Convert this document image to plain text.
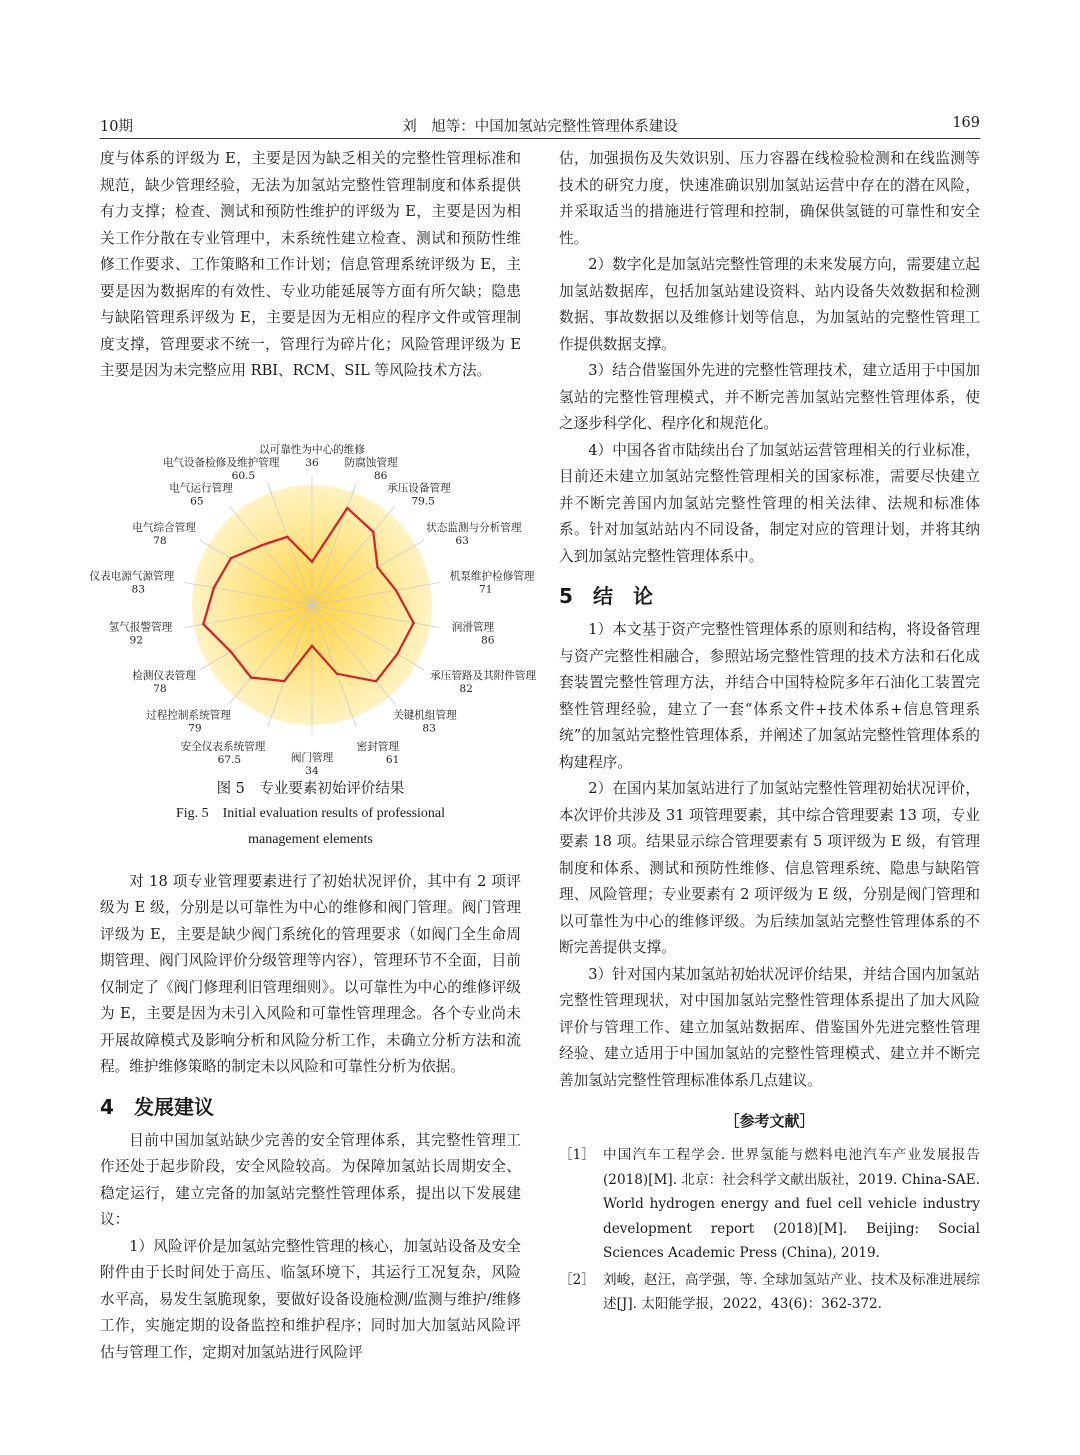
10期	刘　旭等：中国加氢站完整性管理体系建设	169

度与体系的评级为 E，主要是因为缺乏相关的完整性管理标准和规范，缺少管理经验，无法为加氢站完整性管理制度和体系提供有力支撑；检查、测试和预防性维护的评级为 E，主要是因为相关工作分散在专业管理中，未系统性建立检查、测试和预防性维修工作要求、工作策略和工作计划；信息管理系统评级为 E，主要是因为数据库的有效性、专业功能延展等方面有所欠缺；隐患与缺陷管理系评级为 E，主要是因为无相应的程序文件或管理制度支撑，管理要求不统一，管理行为碎片化；风险管理评级为 E 主要是因为未完整应用 RBI、RCM、SIL 等风险技术方法。

以可靠性为中心的维修
36 防腐蚀管理
86
承压设备管理
79.5
状态监测与分析管理
63
机泵维护检修管理
71
润滑管理
86
承压管路及其附件管理
82
关键机组管理
83
密封管理
61
阀门管理
34
安全仪表系统管理
67.5
过程控制系统管理
79
检测仪表管理
78
氢气报警管理
92
仪表电源气源管理
83
电气综合管理
78
电气运行管理
65
电气设备检修及维护管理
60.5

图 5　专业要素初始评价结果

Fig. 5　Initial evaluation results of professional

management elements

对 18 项专业管理要素进行了初始状况评价，其中有 2 项评级为 E 级，分别是以可靠性为中心的维修和阀门管理。阀门管理评级为 E，主要是缺少阀门系统化的管理要求（如阀门全生命周期管理、阀门风险评价分级管理等内容），管理环节不全面，目前仅制定了《阀门修理利旧管理细则》。以可靠性为中心的维修评级为 E，主要是因为未引入风险和可靠性管理理念。各个专业尚未开展故障模式及影响分析和风险分析工作，未确立分析方法和流程。维护维修策略的制定未以风险和可靠性分析为依据。

4 发展建议

目前中国加氢站缺少完善的安全管理体系，其完整性管理工作还处于起步阶段，安全风险较高。为保障加氢站长周期安全、稳定运行，建立完备的加氢站完整性管理体系，提出以下发展建议：

1）风险评价是加氢站完整性管理的核心，加氢站设备及安全附件由于长时间处于高压、临氢环境下，其运行工况复杂，风险水平高，易发生氢脆现象，要做好设备设施检测/监测与维护/维修工作，实施定期的设备监控和维护程序；同时加大加氢站风险评估与管理工作，定期对加氢站进行风险评

估，加强损伤及失效识别、压力容器在线检验检测和在线监测等技术的研究力度，快速准确识别加氢站运营中存在的潜在风险，并采取适当的措施进行管理和控制，确保供氢链的可靠性和安全性。

2）数字化是加氢站完整性管理的未来发展方向，需要建立起加氢站数据库，包括加氢站建设资料、站内设备失效数据和检测数据、事故数据以及维修计划等信息，为加氢站的完整性管理工作提供数据支撑。

3）结合借鉴国外先进的完整性管理技术，建立适用于中国加氢站的完整性管理模式，并不断完善加氢站完整性管理体系，使之逐步科学化、程序化和规范化。

4）中国各省市陆续出台了加氢站运营管理相关的行业标准，目前还未建立加氢站完整性管理相关的国家标准，需要尽快建立并不断完善国内加氢站完整性管理的相关法律、法规和标准体系。针对加氢站站内不同设备，制定对应的管理计划，并将其纳入到加氢站完整性管理体系中。

5 结　论

1）本文基于资产完整性管理体系的原则和结构，将设备管理与资产完整性相融合，参照站场完整性管理的技术方法和石化成套装置完整性管理方法，并结合中国特检院多年石油化工装置完整性管理经验，建立了一套“体系文件+技术体系+信息管理系统”的加氢站完整性管理体系，并阐述了加氢站完整性管理体系的构建程序。

2）在国内某加氢站进行了加氢站完整性管理初始状况评价，本次评价共涉及 31 项管理要素，其中综合管理要素 13 项，专业要素 18 项。结果显示综合管理要素有 5 项评级为 E 级，有管理制度和体系、测试和预防性维修、信息管理系统、隐患与缺陷管理、风险管理；专业要素有 2 项评级为 E 级，分别是阀门管理和以可靠性为中心的维修评级。为后续加氢站完整性管理体系的不断完善提供支撑。

3）针对国内某加氢站初始状况评价结果，并结合国内加氢站完整性管理现状，对中国加氢站完整性管理体系提出了加大风险评价与管理工作、建立加氢站数据库、借鉴国外先进完整性管理经验、建立适用于中国加氢站的完整性管理模式、建立并不断完善加氢站完整性管理标准体系几点建议。

［参考文献］
［1］ 中国汽车工程学会. 世界氢能与燃料电池汽车产业发展报告(2018)[M]. 北京：社会科学文献出版社，2019. China-SAE. World hydrogen energy and fuel cell vehicle industry development report (2018)[M]. Beijing: Social Sciences Academic Press (China), 2019.
［2］ 刘峻，赵汪，高学强，等. 全球加氢站产业、技术及标准进展综述[J]. 太阳能学报，2022，43(6)：362-372.
